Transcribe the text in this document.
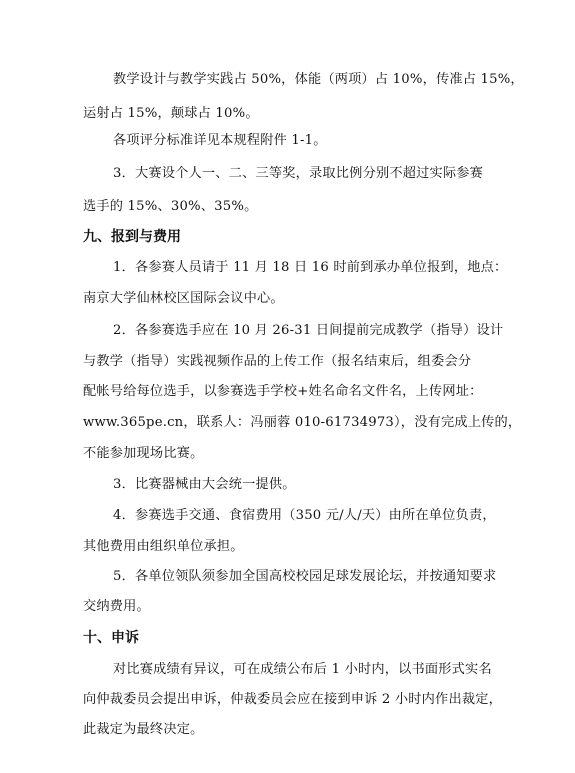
教学设计与教学实践占 50%，体能（两项）占 10%，传准占 15%，
运射占 15%，颠球占 10%。
各项评分标准详见本规程附件 1-1。
3．大赛设个人一、二、三等奖，录取比例分别不超过实际参赛
选手的 15%、30%、35%。
九、报到与费用
1．各参赛人员请于 11 月 18 日 16 时前到承办单位报到，地点：
南京大学仙林校区国际会议中心。
2．各参赛选手应在 10 月 26-31 日间提前完成教学（指导）设计
与教学（指导）实践视频作品的上传工作（报名结束后，组委会分
配帐号给每位选手，以参赛选手学校+姓名命名文件名，上传网址：
www.365pe.cn，联系人：冯丽蓉 010-61734973），没有完成上传的，
不能参加现场比赛。
3．比赛器械由大会统一提供。
4．参赛选手交通、食宿费用（350 元/人/天）由所在单位负责，
其他费用由组织单位承担。
5．各单位领队须参加全国高校校园足球发展论坛，并按通知要求
交纳费用。
十、申诉
对比赛成绩有异议，可在成绩公布后 1 小时内，以书面形式实名
向仲裁委员会提出申诉，仲裁委员会应在接到申诉 2 小时内作出裁定，
此裁定为最终决定。
